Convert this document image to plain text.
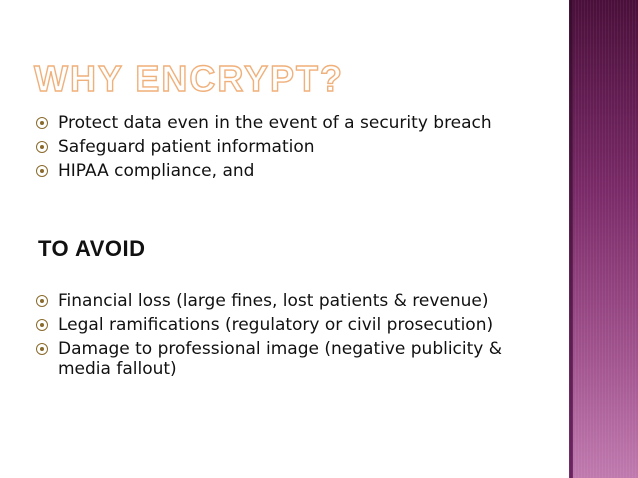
WHY ENCRYPT?
Protect data even in the event of a security breach
Safeguard patient information
HIPAA compliance, and
TO AVOID
Financial loss (large fines, lost patients & revenue)
Legal ramifications (regulatory or civil prosecution)
Damage to professional image (negative publicity & media fallout)
